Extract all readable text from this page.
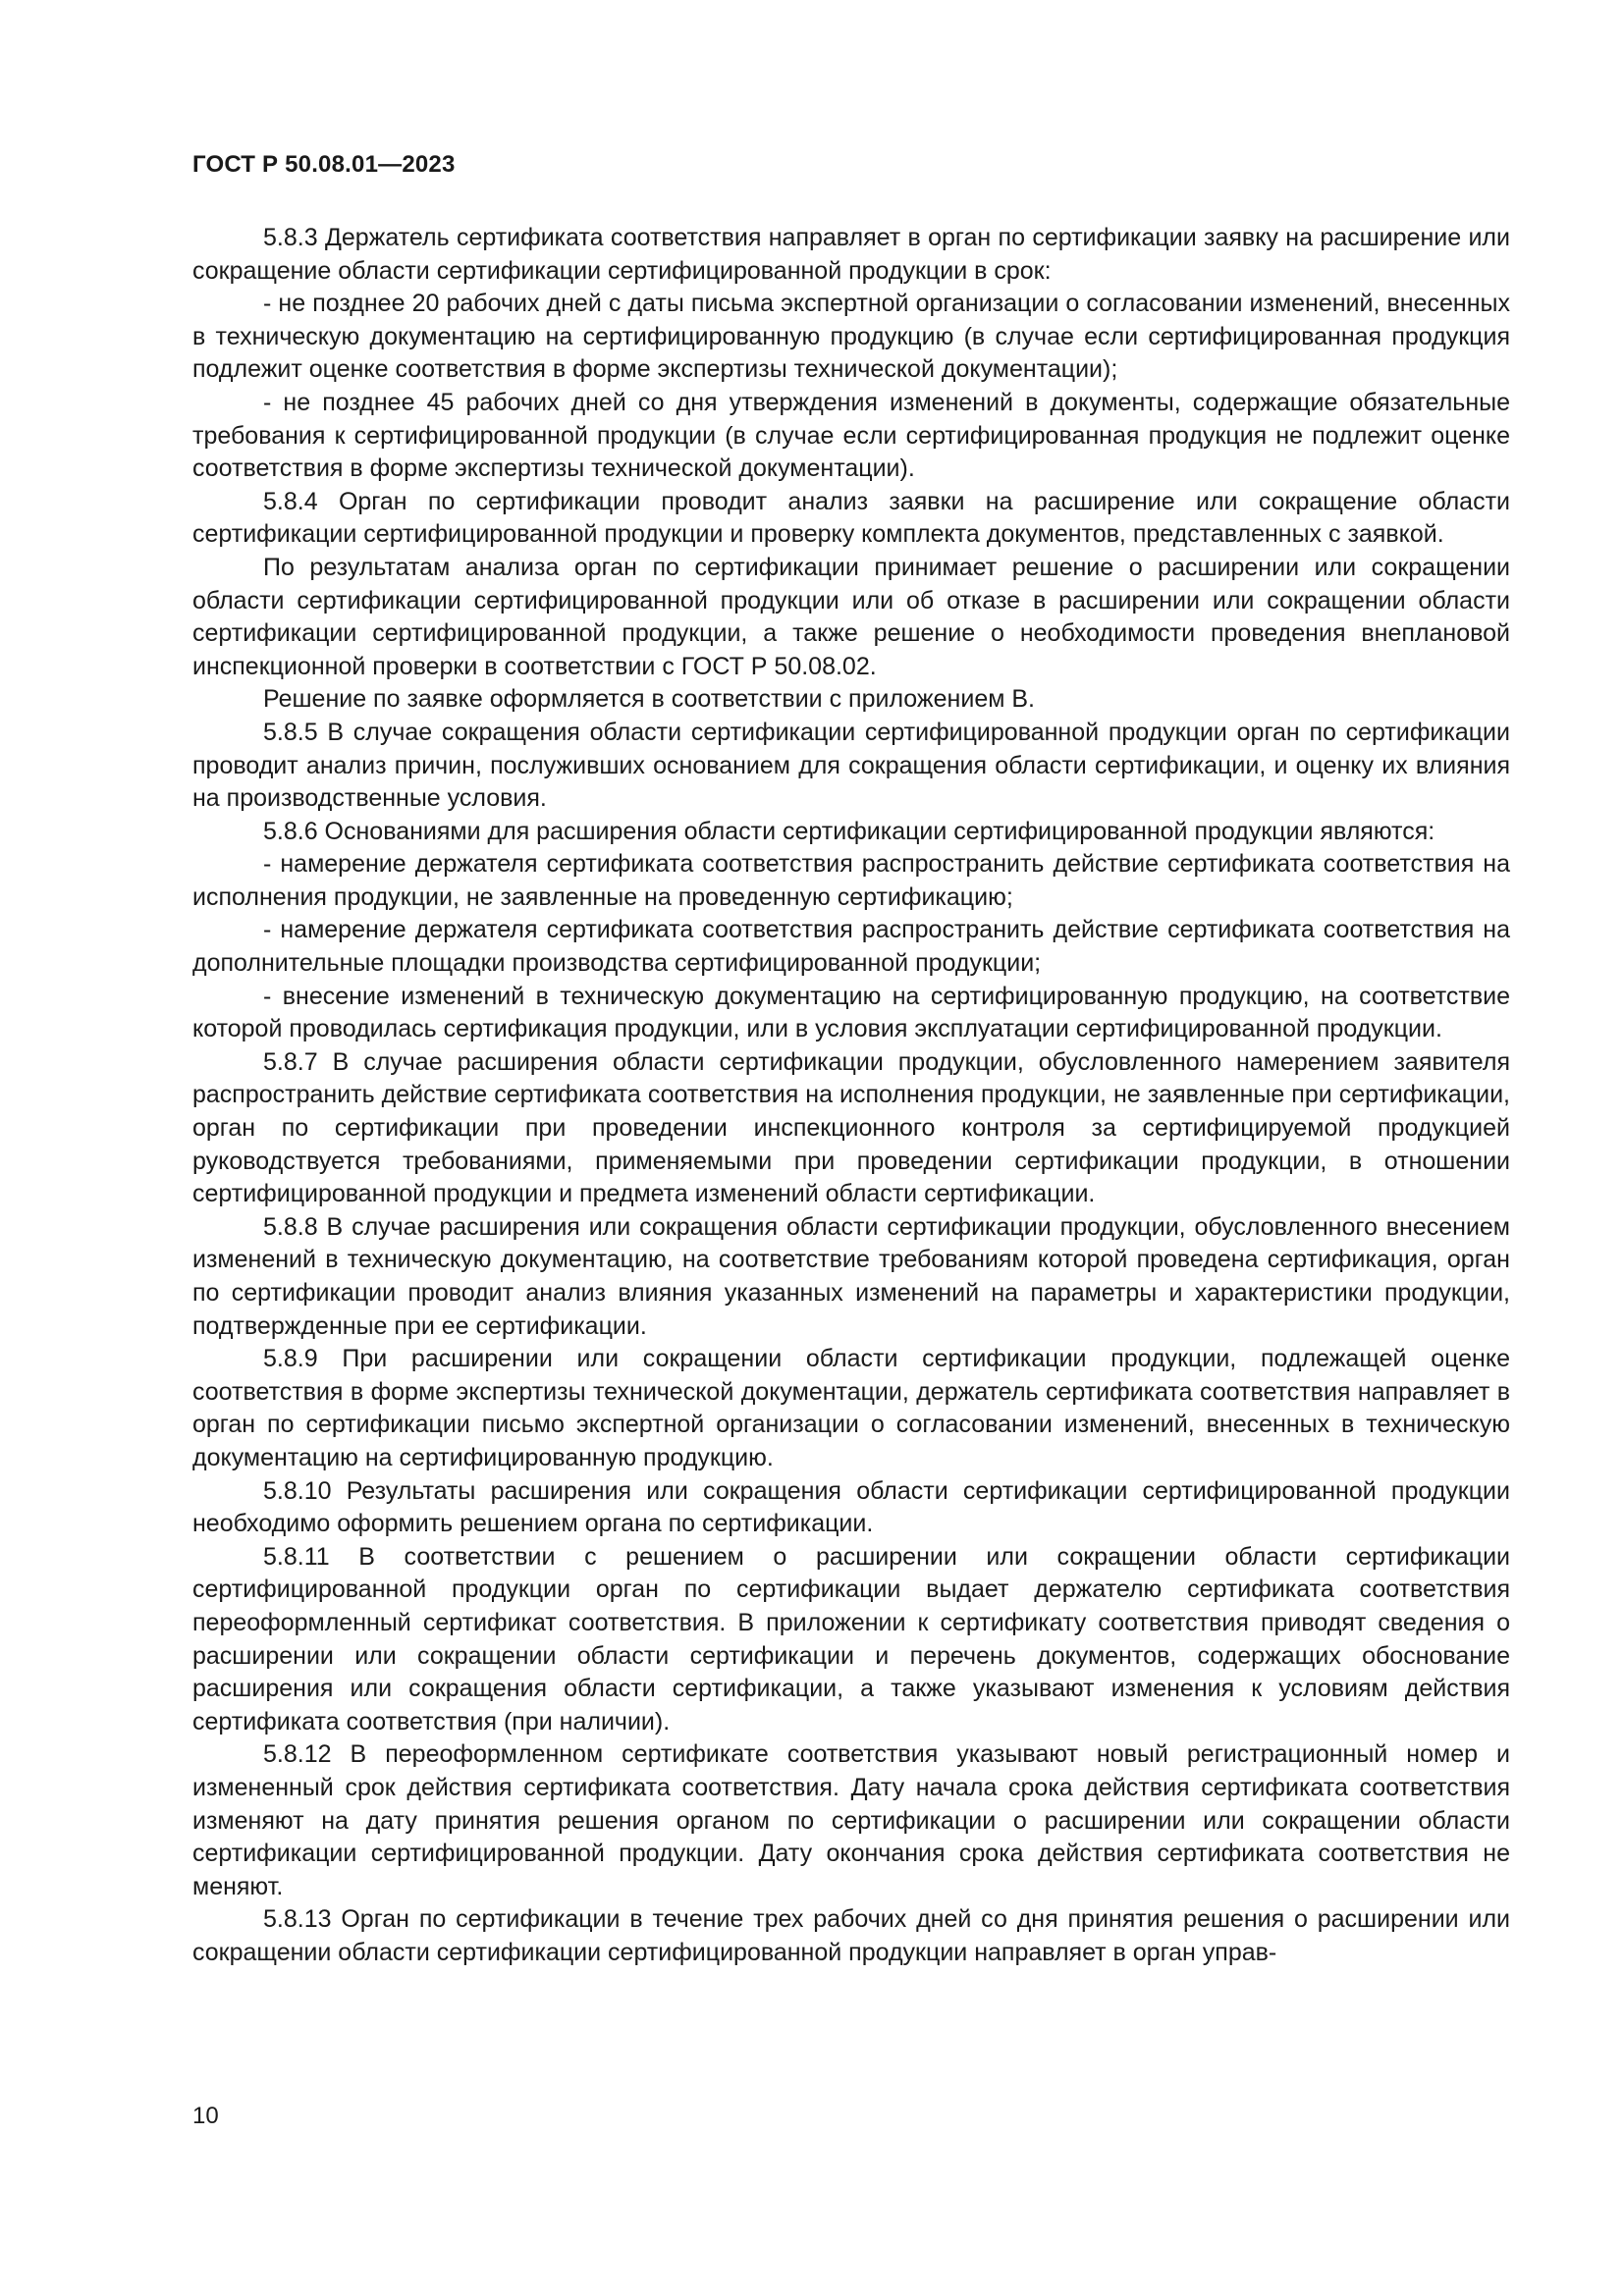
ГОСТ Р 50.08.01—2023

5.8.3 Держатель сертификата соответствия направляет в орган по сертификации заявку на расширение или сокращение области сертификации сертифицированной продукции в срок:

- не позднее 20 рабочих дней с даты письма экспертной организации о согласовании изменений, внесенных в техническую документацию на сертифицированную продукцию (в случае если сертифицированная продукция подлежит оценке соответствия в форме экспертизы технической документации);

- не позднее 45 рабочих дней со дня утверждения изменений в документы, содержащие обязательные требования к сертифицированной продукции (в случае если сертифицированная продукция не подлежит оценке соответствия в форме экспертизы технической документации).

5.8.4 Орган по сертификации проводит анализ заявки на расширение или сокращение области сертификации сертифицированной продукции и проверку комплекта документов, представленных с заявкой.

По результатам анализа орган по сертификации принимает решение о расширении или сокращении области сертификации сертифицированной продукции или об отказе в расширении или сокращении области сертификации сертифицированной продукции, а также решение о необходимости проведения внеплановой инспекционной проверки в соответствии с ГОСТ Р 50.08.02.

Решение по заявке оформляется в соответствии с приложением В.

5.8.5 В случае сокращения области сертификации сертифицированной продукции орган по сертификации проводит анализ причин, послуживших основанием для сокращения области сертификации, и оценку их влияния на производственные условия.

5.8.6 Основаниями для расширения области сертификации сертифицированной продукции являются:

- намерение держателя сертификата соответствия распространить действие сертификата соответствия на исполнения продукции, не заявленные на проведенную сертификацию;

- намерение держателя сертификата соответствия распространить действие сертификата соответствия на дополнительные площадки производства сертифицированной продукции;

- внесение изменений в техническую документацию на сертифицированную продукцию, на соответствие которой проводилась сертификация продукции, или в условия эксплуатации сертифицированной продукции.

5.8.7 В случае расширения области сертификации продукции, обусловленного намерением заявителя распространить действие сертификата соответствия на исполнения продукции, не заявленные при сертификации, орган по сертификации при проведении инспекционного контроля за сертифицируемой продукцией руководствуется требованиями, применяемыми при проведении сертификации продукции, в отношении сертифицированной продукции и предмета изменений области сертификации.

5.8.8 В случае расширения или сокращения области сертификации продукции, обусловленного внесением изменений в техническую документацию, на соответствие требованиям которой проведена сертификация, орган по сертификации проводит анализ влияния указанных изменений на параметры и характеристики продукции, подтвержденные при ее сертификации.

5.8.9 При расширении или сокращении области сертификации продукции, подлежащей оценке соответствия в форме экспертизы технической документации, держатель сертификата соответствия направляет в орган по сертификации письмо экспертной организации о согласовании изменений, внесенных в техническую документацию на сертифицированную продукцию.

5.8.10 Результаты расширения или сокращения области сертификации сертифицированной продукции необходимо оформить решением органа по сертификации.

5.8.11 В соответствии с решением о расширении или сокращении области сертификации сертифицированной продукции орган по сертификации выдает держателю сертификата соответствия переоформленный сертификат соответствия. В приложении к сертификату соответствия приводят сведения о расширении или сокращении области сертификации и перечень документов, содержащих обоснование расширения или сокращения области сертификации, а также указывают изменения к условиям действия сертификата соответствия (при наличии).

5.8.12 В переоформленном сертификате соответствия указывают новый регистрационный номер и измененный срок действия сертификата соответствия. Дату начала срока действия сертификата соответствия изменяют на дату принятия решения органом по сертификации о расширении или сокращении области сертификации сертифицированной продукции. Дату окончания срока действия сертификата соответствия не меняют.

5.8.13 Орган по сертификации в течение трех рабочих дней со дня принятия решения о расширении или сокращении области сертификации сертифицированной продукции направляет в орган управ-

10
